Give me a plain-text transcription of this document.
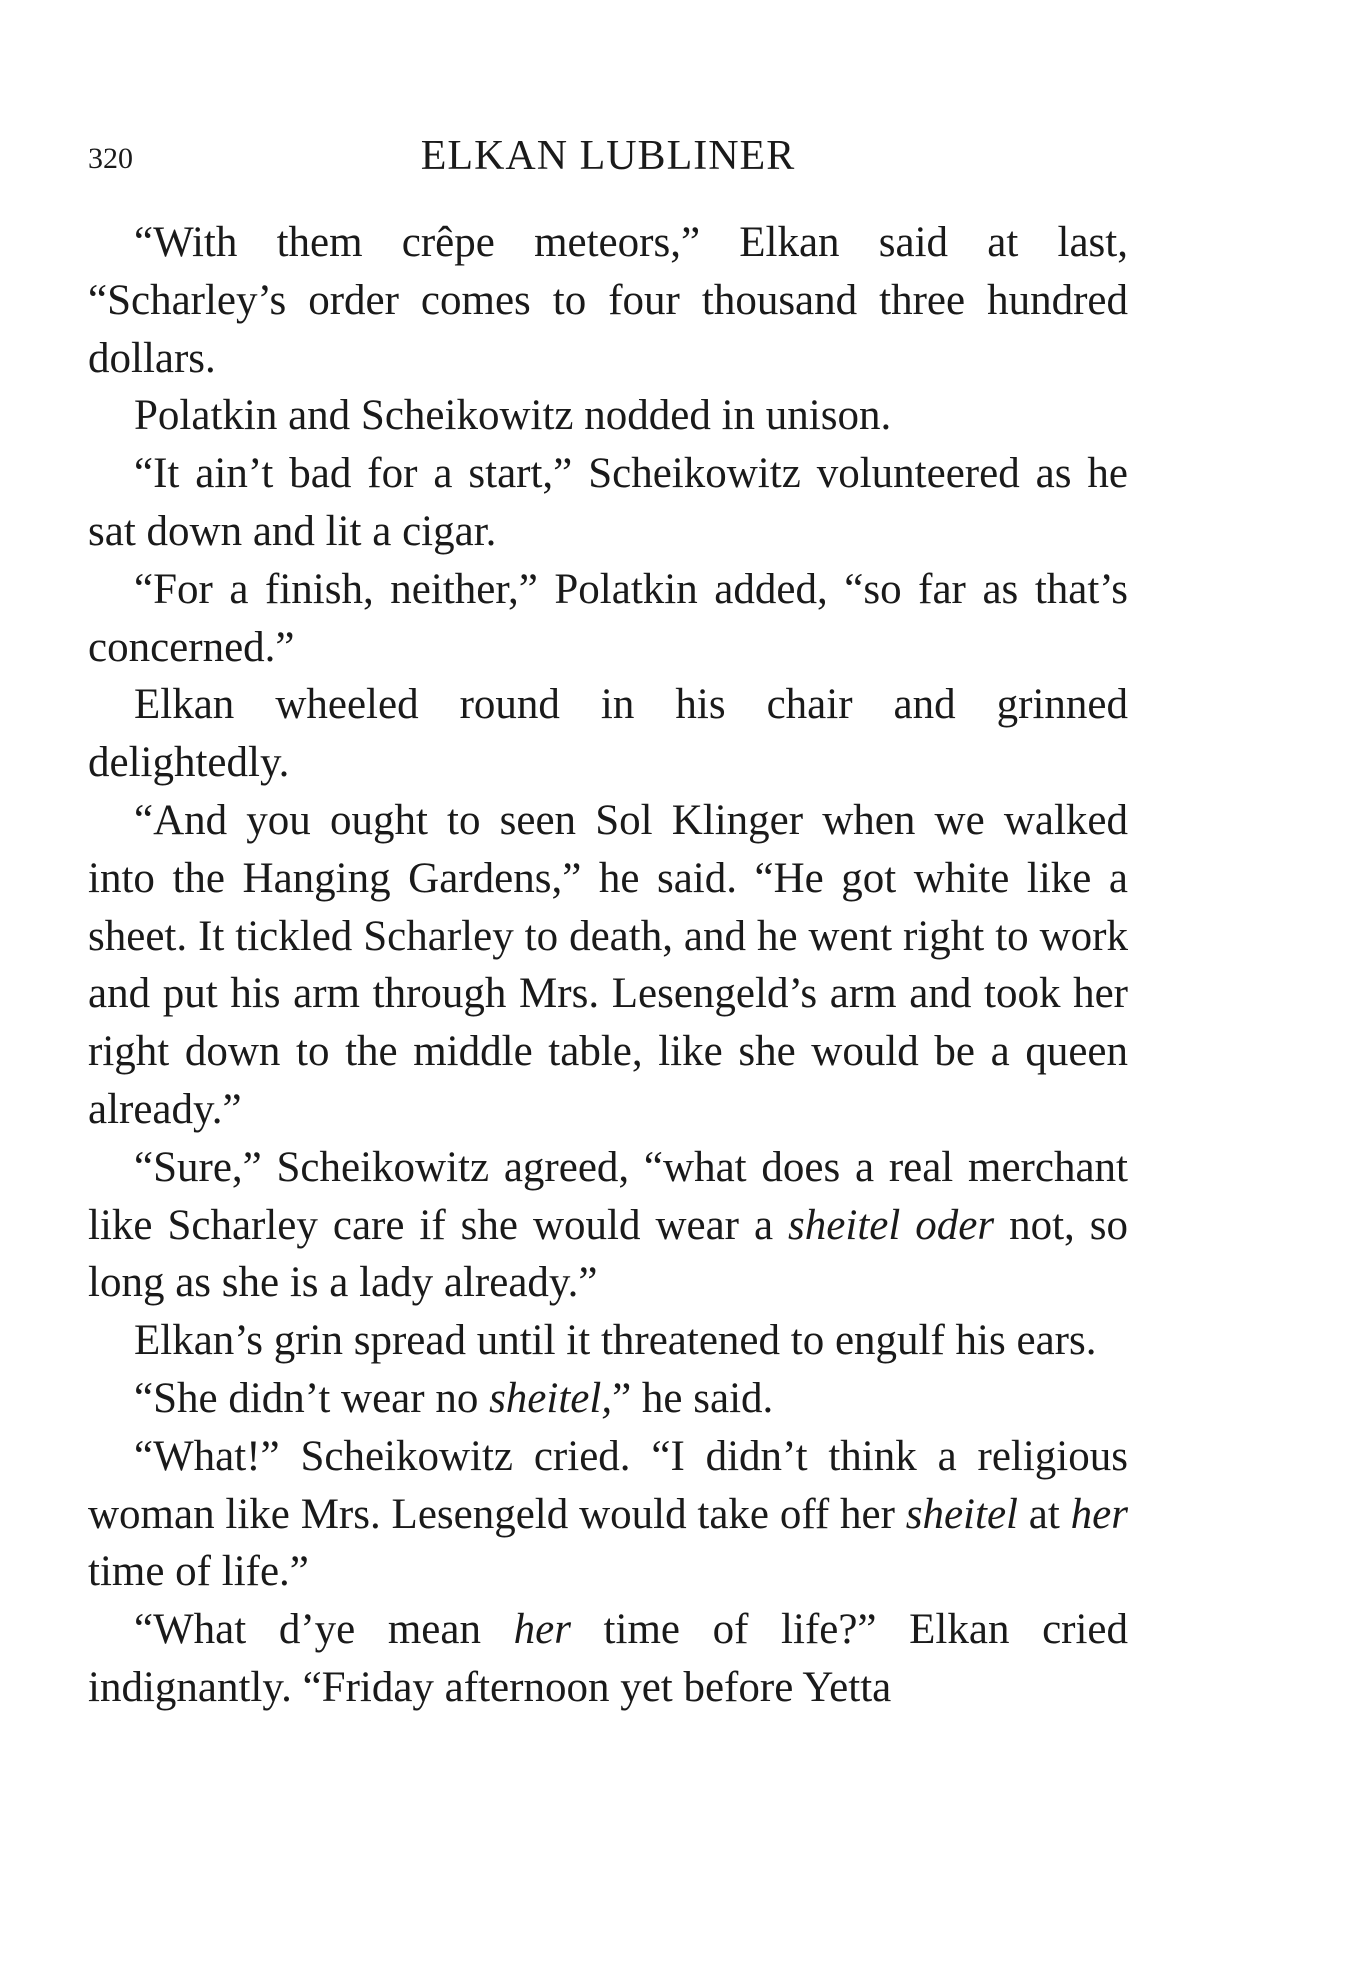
320	ELKAN LUBLINER

“With them crêpe meteors,” Elkan said at last, “Scharley’s order comes to four thousand three hundred dollars.

Polatkin and Scheikowitz nodded in unison.

“It ain’t bad for a start,” Scheikowitz volunteered as he sat down and lit a cigar.

“For a finish, neither,” Polatkin added, “so far as that’s concerned.”

Elkan wheeled round in his chair and grinned delightedly.

“And you ought to seen Sol Klinger when we walked into the Hanging Gardens,” he said. “He got white like a sheet. It tickled Scharley to death, and he went right to work and put his arm through Mrs. Lesengeld’s arm and took her right down to the middle table, like she would be a queen already.”

“Sure,” Scheikowitz agreed, “what does a real merchant like Scharley care if she would wear a sheitel oder not, so long as she is a lady already.”

Elkan’s grin spread until it threatened to engulf his ears.

“She didn’t wear no sheitel,” he said.

“What!” Scheikowitz cried. “I didn’t think a religious woman like Mrs. Lesengeld would take off her sheitel at her time of life.”

“What d’ye mean her time of life?” Elkan cried indignantly. “Friday afternoon yet before Yetta
